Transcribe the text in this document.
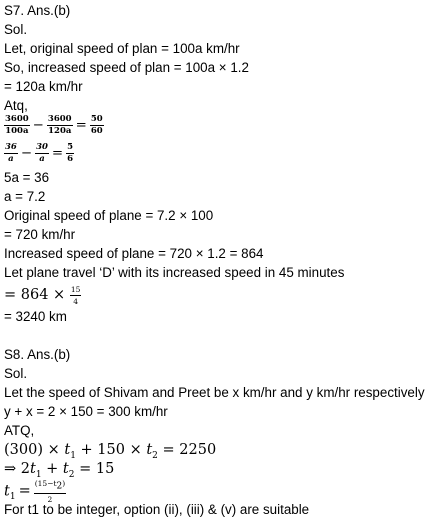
S7. Ans.(b)
Sol.
Let, original speed of plan = 100a km/hr
So, increased speed of plan = 100a × 1.2
= 120a km/hr
Atq,
$\frac{3600}{100a} - \frac{3600}{120a} = \frac{50}{60}$
$\frac{36}{a} - \frac{30}{a} = \frac{5}{6}$
5a = 36
a = 7.2
Original speed of plane = 7.2 × 100
= 720 km/hr
Increased speed of plane = 720 × 1.2 = 864
Let plane travel ‘D’ with its increased speed in 45 minutes
= $864 \times \frac{15}{4}$
= 3240 km
S8. Ans.(b)
Sol.
Let the speed of Shivam and Preet be x km/hr and y km/hr respectively
y + x = 2 × 150 = 300 km/hr
ATQ,
$(300) \times t_1 + 150 \times t_2 = 2250$
⇒ $2t_1 + t_2 = 15$
$t_1 = \frac{(15-t_2)}{2}$
For t1 to be integer, option (ii), (iii) & (v) are suitable
